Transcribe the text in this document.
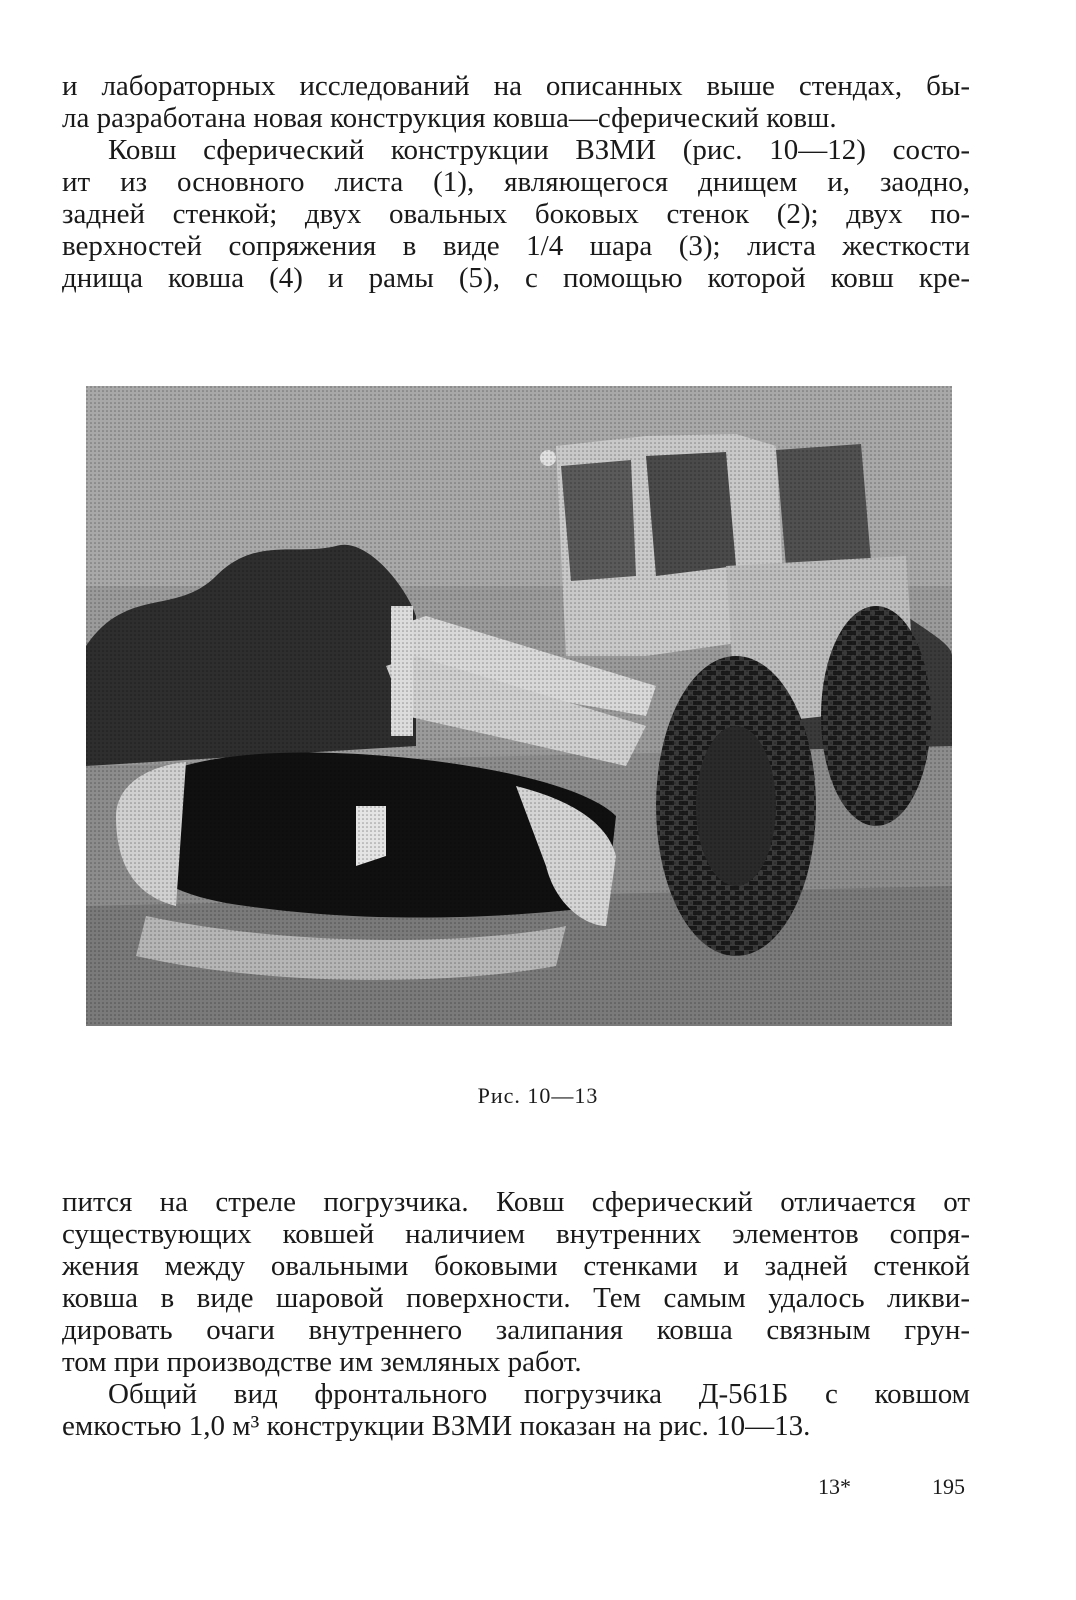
и лабораторных исследований на описанных выше стендах, бы-
ла разработана новая конструкция ковша—сферический ковш.
Ковш сферический конструкции ВЗМИ (рис. 10—12) состо-
ит из основного листа (1), являющегося днищем и, заодно,
задней стенкой; двух овальных боковых стенок (2); двух по-
верхностей сопряжения в виде 1/4 шара (3); листа жесткости
днища ковша (4) и рамы (5), с помощью которой ковш кре-
Рис. 10—13
пится на стреле погрузчика. Ковш сферический отличается от
существующих ковшей наличием внутренних элементов сопря-
жения между овальными боковыми стенками и задней стенкой
ковша в виде шаровой поверхности. Тем самым удалось ликви-
дировать очаги внутреннего залипания ковша связным грун-
том при производстве им земляных работ.
Общий вид фронтального погрузчика Д-561Б с ковшом
емкостью 1,0 м³ конструкции ВЗМИ показан на рис. 10—13.
13*	195
